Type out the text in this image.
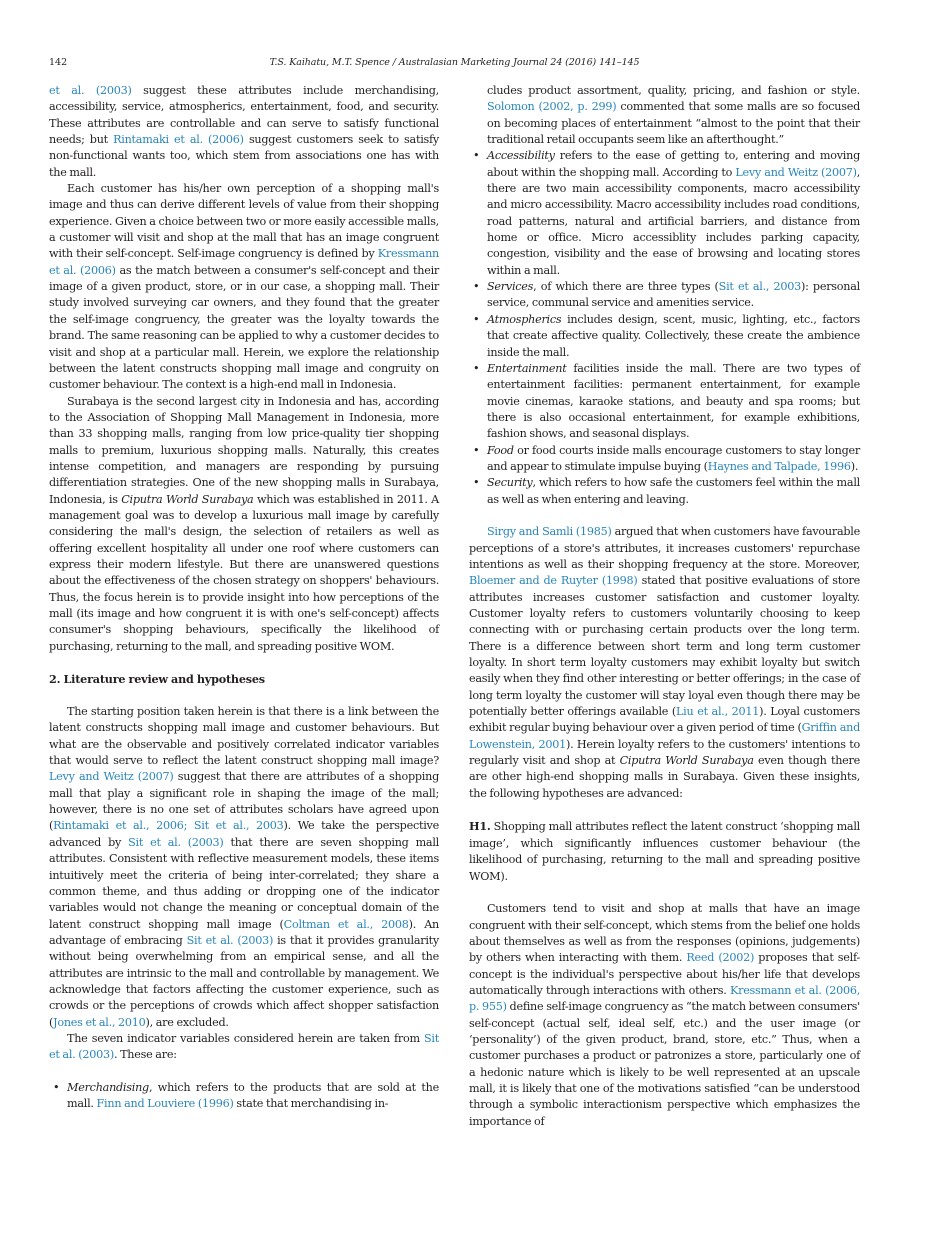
142	T.S. Kaihatu, M.T. Spence / Australasian Marketing Journal 24 (2016) 141–145

et al. (2003) suggest these attributes include merchandising, accessibility, service, atmospherics, entertainment, food, and security. These attributes are controllable and can serve to satisfy functional needs; but Rintamaki et al. (2006) suggest customers seek to satisfy non-functional wants too, which stem from associations one has with the mall.

Each customer has his/her own perception of a shopping mall's image and thus can derive different levels of value from their shopping experience. Given a choice between two or more easily accessible malls, a customer will visit and shop at the mall that has an image congruent with their self-concept. Self-image congruency is defined by Kressmann et al. (2006) as the match between a consumer's self-concept and their image of a given product, store, or in our case, a shopping mall. Their study involved surveying car owners, and they found that the greater the self-image congruency, the greater was the loyalty towards the brand. The same reasoning can be applied to why a customer decides to visit and shop at a particular mall. Herein, we explore the relationship between the latent constructs shopping mall image and congruity on customer behaviour. The context is a high-end mall in Indonesia.

Surabaya is the second largest city in Indonesia and has, according to the Association of Shopping Mall Management in Indonesia, more than 33 shopping malls, ranging from low price-quality tier shopping malls to premium, luxurious shopping malls. Naturally, this creates intense competition, and managers are responding by pursuing differentiation strategies. One of the new shopping malls in Surabaya, Indonesia, is Ciputra World Surabaya which was established in 2011. A management goal was to develop a luxurious mall image by carefully considering the mall's design, the selection of retailers as well as offering excellent hospitality all under one roof where customers can express their modern lifestyle. But there are unanswered questions about the effectiveness of the chosen strategy on shoppers' behaviours. Thus, the focus herein is to provide insight into how perceptions of the mall (its image and how congruent it is with one's self-concept) affects consumer's shopping behaviours, specifically the likelihood of purchasing, returning to the mall, and spreading positive WOM.

2. Literature review and hypotheses

The starting position taken herein is that there is a link between the latent constructs shopping mall image and customer behaviours. But what are the observable and positively correlated indicator variables that would serve to reflect the latent construct shopping mall image? Levy and Weitz (2007) suggest that there are attributes of a shopping mall that play a significant role in shaping the image of the mall; however, there is no one set of attributes scholars have agreed upon (Rintamaki et al., 2006; Sit et al., 2003). We take the perspective advanced by Sit et al. (2003) that there are seven shopping mall attributes. Consistent with reflective measurement models, these items intuitively meet the criteria of being inter-correlated; they share a common theme, and thus adding or dropping one of the indicator variables would not change the meaning or conceptual domain of the latent construct shopping mall image (Coltman et al., 2008). An advantage of embracing Sit et al. (2003) is that it provides granularity without being overwhelming from an empirical sense, and all the attributes are intrinsic to the mall and controllable by management. We acknowledge that factors affecting the customer experience, such as crowds or the perceptions of crowds which affect shopper satisfaction (Jones et al., 2010), are excluded.

The seven indicator variables considered herein are taken from Sit et al. (2003). These are:

• Merchandising, which refers to the products that are sold at the mall. Finn and Louviere (1996) state that merchandising in-

cludes product assortment, quality, pricing, and fashion or style. Solomon (2002, p. 299) commented that some malls are so focused on becoming places of entertainment “almost to the point that their traditional retail occupants seem like an afterthought.”

• Accessibility refers to the ease of getting to, entering and moving about within the shopping mall. According to Levy and Weitz (2007), there are two main accessibility components, macro accessibility and micro accessibility. Macro accessibility includes road conditions, road patterns, natural and artificial barriers, and distance from home or office. Micro accessiblity includes parking capacity, congestion, visibility and the ease of browsing and locating stores within a mall.
• Services, of which there are three types (Sit et al., 2003): personal service, communal service and amenities service.
• Atmospherics includes design, scent, music, lighting, etc., factors that create affective quality. Collectively, these create the ambience inside the mall.
• Entertainment facilities inside the mall. There are two types of entertainment facilities: permanent entertainment, for example movie cinemas, karaoke stations, and beauty and spa rooms; but there is also occasional entertainment, for example exhibitions, fashion shows, and seasonal displays.
• Food or food courts inside malls encourage customers to stay longer and appear to stimulate impulse buying (Haynes and Talpade, 1996).
• Security, which refers to how safe the customers feel within the mall as well as when entering and leaving.

Sirgy and Samli (1985) argued that when customers have favourable perceptions of a store's attributes, it increases customers' repurchase intentions as well as their shopping frequency at the store. Moreover, Bloemer and de Ruyter (1998) stated that positive evaluations of store attributes increases customer satisfaction and customer loyalty. Customer loyalty refers to customers voluntarily choosing to keep connecting with or purchasing certain products over the long term. There is a difference between short term and long term customer loyalty. In short term loyalty customers may exhibit loyalty but switch easily when they find other interesting or better offerings; in the case of long term loyalty the customer will stay loyal even though there may be potentially better offerings available (Liu et al., 2011). Loyal customers exhibit regular buying behaviour over a given period of time (Griffin and Lowenstein, 2001). Herein loyalty refers to the customers' intentions to regularly visit and shop at Ciputra World Surabaya even though there are other high-end shopping malls in Surabaya. Given these insights, the following hypotheses are advanced:

H1. Shopping mall attributes reflect the latent construct ‘shopping mall image’, which significantly influences customer behaviour (the likelihood of purchasing, returning to the mall and spreading positive WOM).

Customers tend to visit and shop at malls that have an image congruent with their self-concept, which stems from the belief one holds about themselves as well as from the responses (opinions, judgements) by others when interacting with them. Reed (2002) proposes that self-concept is the individual's perspective about his/her life that develops automatically through interactions with others. Kressmann et al. (2006, p. 955) define self-image congruency as “the match between consumers' self-concept (actual self, ideal self, etc.) and the user image (or ‘personality’) of the given product, brand, store, etc.” Thus, when a customer purchases a product or patronizes a store, particularly one of a hedonic nature which is likely to be well represented at an upscale mall, it is likely that one of the motivations satisfied “can be understood through a symbolic interactionism perspective which emphasizes the importance of
